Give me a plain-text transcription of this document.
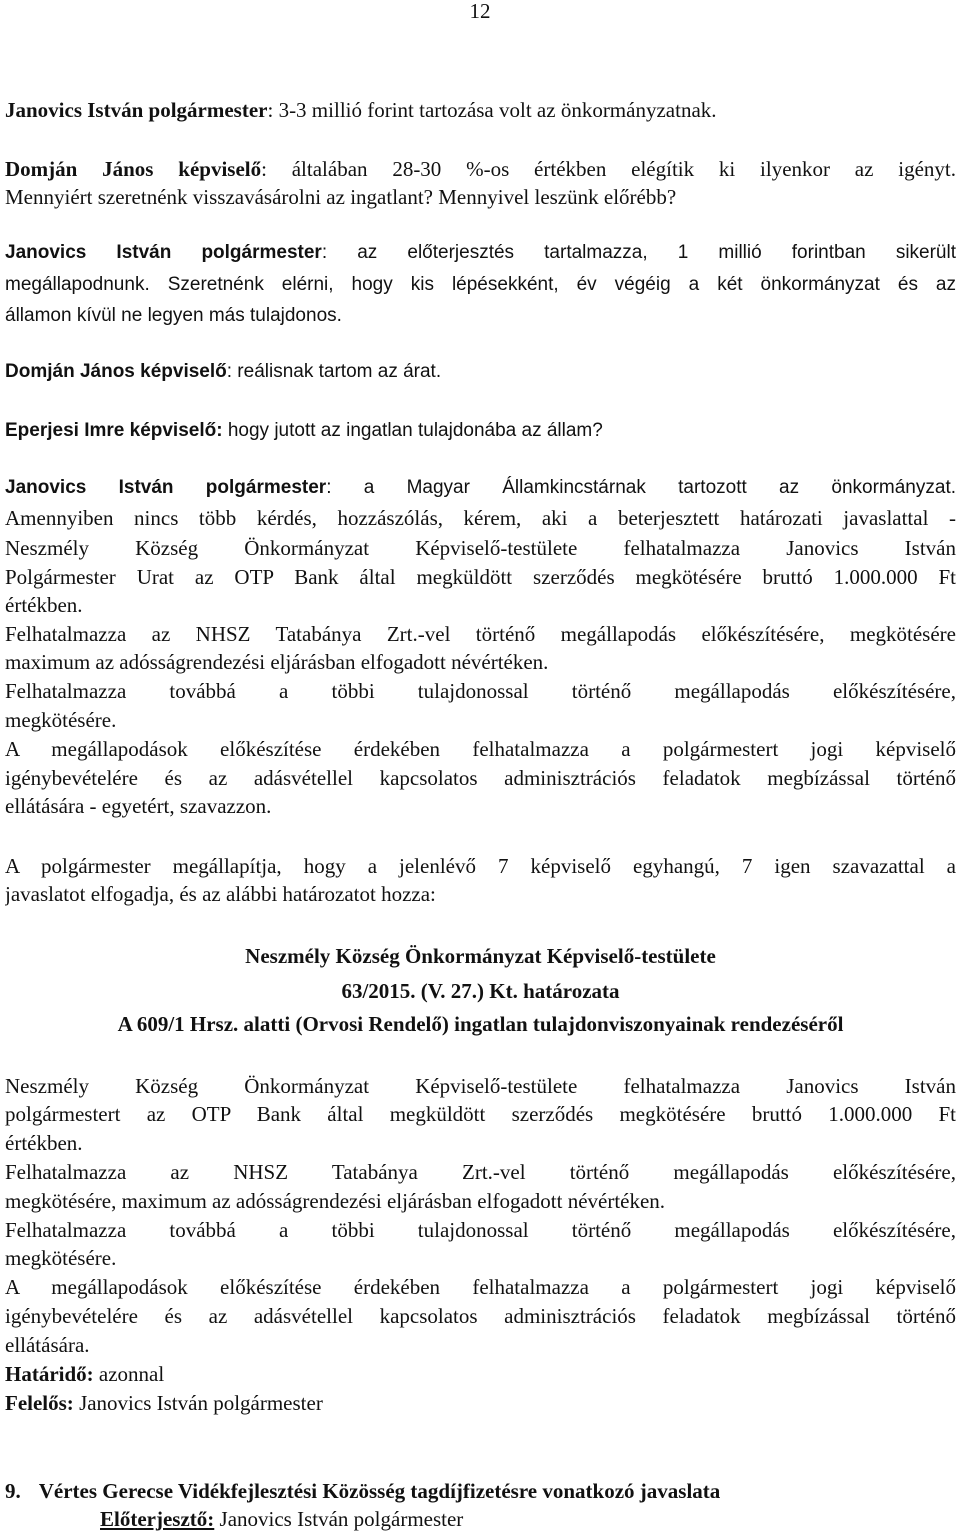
12
Janovics István polgármester: 3-3 millió forint tartozása volt az önkormányzatnak.
Domján János képviselő: általában 28-30 %-os értékben elégítik ki ilyenkor az igényt.
Mennyiért szeretnénk visszavásárolni az ingatlant? Mennyivel leszünk előrébb?
Janovics István polgármester: az előterjesztés tartalmazza, 1 millió forintban sikerült
megállapodnunk. Szeretnénk elérni, hogy kis lépésekként, év végéig a két önkormányzat és az
államon kívül ne legyen más tulajdonos.
Domján János képviselő: reálisnak tartom az árat.
Eperjesi Imre képviselő: hogy jutott az ingatlan tulajdonába az állam?
Janovics István polgármester: a Magyar Államkincstárnak tartozott az önkormányzat.
Amennyiben nincs több kérdés, hozzászólás, kérem, aki a beterjesztett határozati javaslattal -
Neszmély Község Önkormányzat Képviselő-testülete felhatalmazza Janovics István
Polgármester Urat az OTP Bank által megküldött szerződés megkötésére bruttó 1.000.000 Ft
értékben.
Felhatalmazza az NHSZ Tatabánya Zrt.-vel történő megállapodás előkészítésére, megkötésére
maximum az adósságrendezési eljárásban elfogadott névértéken.
Felhatalmazza továbbá a többi tulajdonossal történő megállapodás előkészítésére,
megkötésére.
A megállapodások előkészítése érdekében felhatalmazza a polgármestert jogi képviselő
igénybevételére és az adásvétellel kapcsolatos adminisztrációs feladatok megbízással történő
ellátására - egyetért, szavazzon.
A polgármester megállapítja, hogy a jelenlévő 7 képviselő egyhangú, 7 igen szavazattal a
javaslatot elfogadja, és az alábbi határozatot hozza:
Neszmély Község Önkormányzat Képviselő-testülete
63/2015. (V. 27.) Kt. határozata
A 609/1 Hrsz. alatti (Orvosi Rendelő) ingatlan tulajdonviszonyainak rendezéséről
Neszmély Község Önkormányzat Képviselő-testülete felhatalmazza Janovics István
polgármestert az OTP Bank által megküldött szerződés megkötésére bruttó 1.000.000 Ft
értékben.
Felhatalmazza az NHSZ Tatabánya Zrt.-vel történő megállapodás előkészítésére,
megkötésére, maximum az adósságrendezési eljárásban elfogadott névértéken.
Felhatalmazza továbbá a többi tulajdonossal történő megállapodás előkészítésére,
megkötésére.
A megállapodások előkészítése érdekében felhatalmazza a polgármestert jogi képviselő
igénybevételére és az adásvétellel kapcsolatos adminisztrációs feladatok megbízással történő
ellátására.
Határidő: azonnal
Felelős: Janovics István polgármester
9. Vértes Gerecse Vidékfejlesztési Közösség tagdíjfizetésre vonatkozó javaslata
Előterjesztő: Janovics István polgármester
